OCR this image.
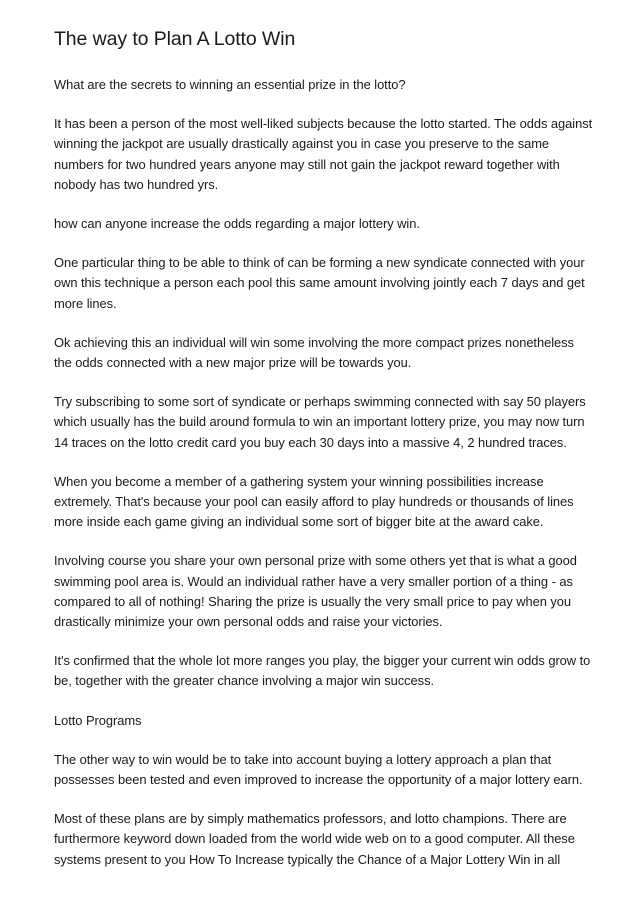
The way to Plan A Lotto Win

What are the secrets to winning an essential prize in the lotto?

It has been a person of the most well-liked subjects because the lotto started. The odds against winning the jackpot are usually drastically against you in case you preserve to the same numbers for two hundred years anyone may still not gain the jackpot reward together with nobody has two hundred yrs.

how can anyone increase the odds regarding a major lottery win.

One particular thing to be able to think of can be forming a new syndicate connected with your own this technique a person each pool this same amount involving jointly each 7 days and get more lines.

Ok achieving this an individual will win some involving the more compact prizes nonetheless the odds connected with a new major prize will be towards you.

Try subscribing to some sort of syndicate or perhaps swimming connected with say 50 players which usually has the build around formula to win an important lottery prize, you may now turn 14 traces on the lotto credit card you buy each 30 days into a massive 4, 2 hundred traces.

When you become a member of a gathering system your winning possibilities increase extremely. That's because your pool can easily afford to play hundreds or thousands of lines more inside each game giving an individual some sort of bigger bite at the award cake.

Involving course you share your own personal prize with some others yet that is what a good swimming pool area is. Would an individual rather have a very smaller portion of a thing - as compared to all of nothing! Sharing the prize is usually the very small price to pay when you drastically minimize your own personal odds and raise your victories.

It's confirmed that the whole lot more ranges you play, the bigger your current win odds grow to be, together with the greater chance involving a major win success.

Lotto Programs

The other way to win would be to take into account buying a lottery approach a plan that possesses been tested and even improved to increase the opportunity of a major lottery earn.

Most of these plans are by simply mathematics professors, and lotto champions. There are furthermore keyword down loaded from the world wide web on to a good computer. All these systems present to you How To Increase typically the Chance of a Major Lottery Win in all
